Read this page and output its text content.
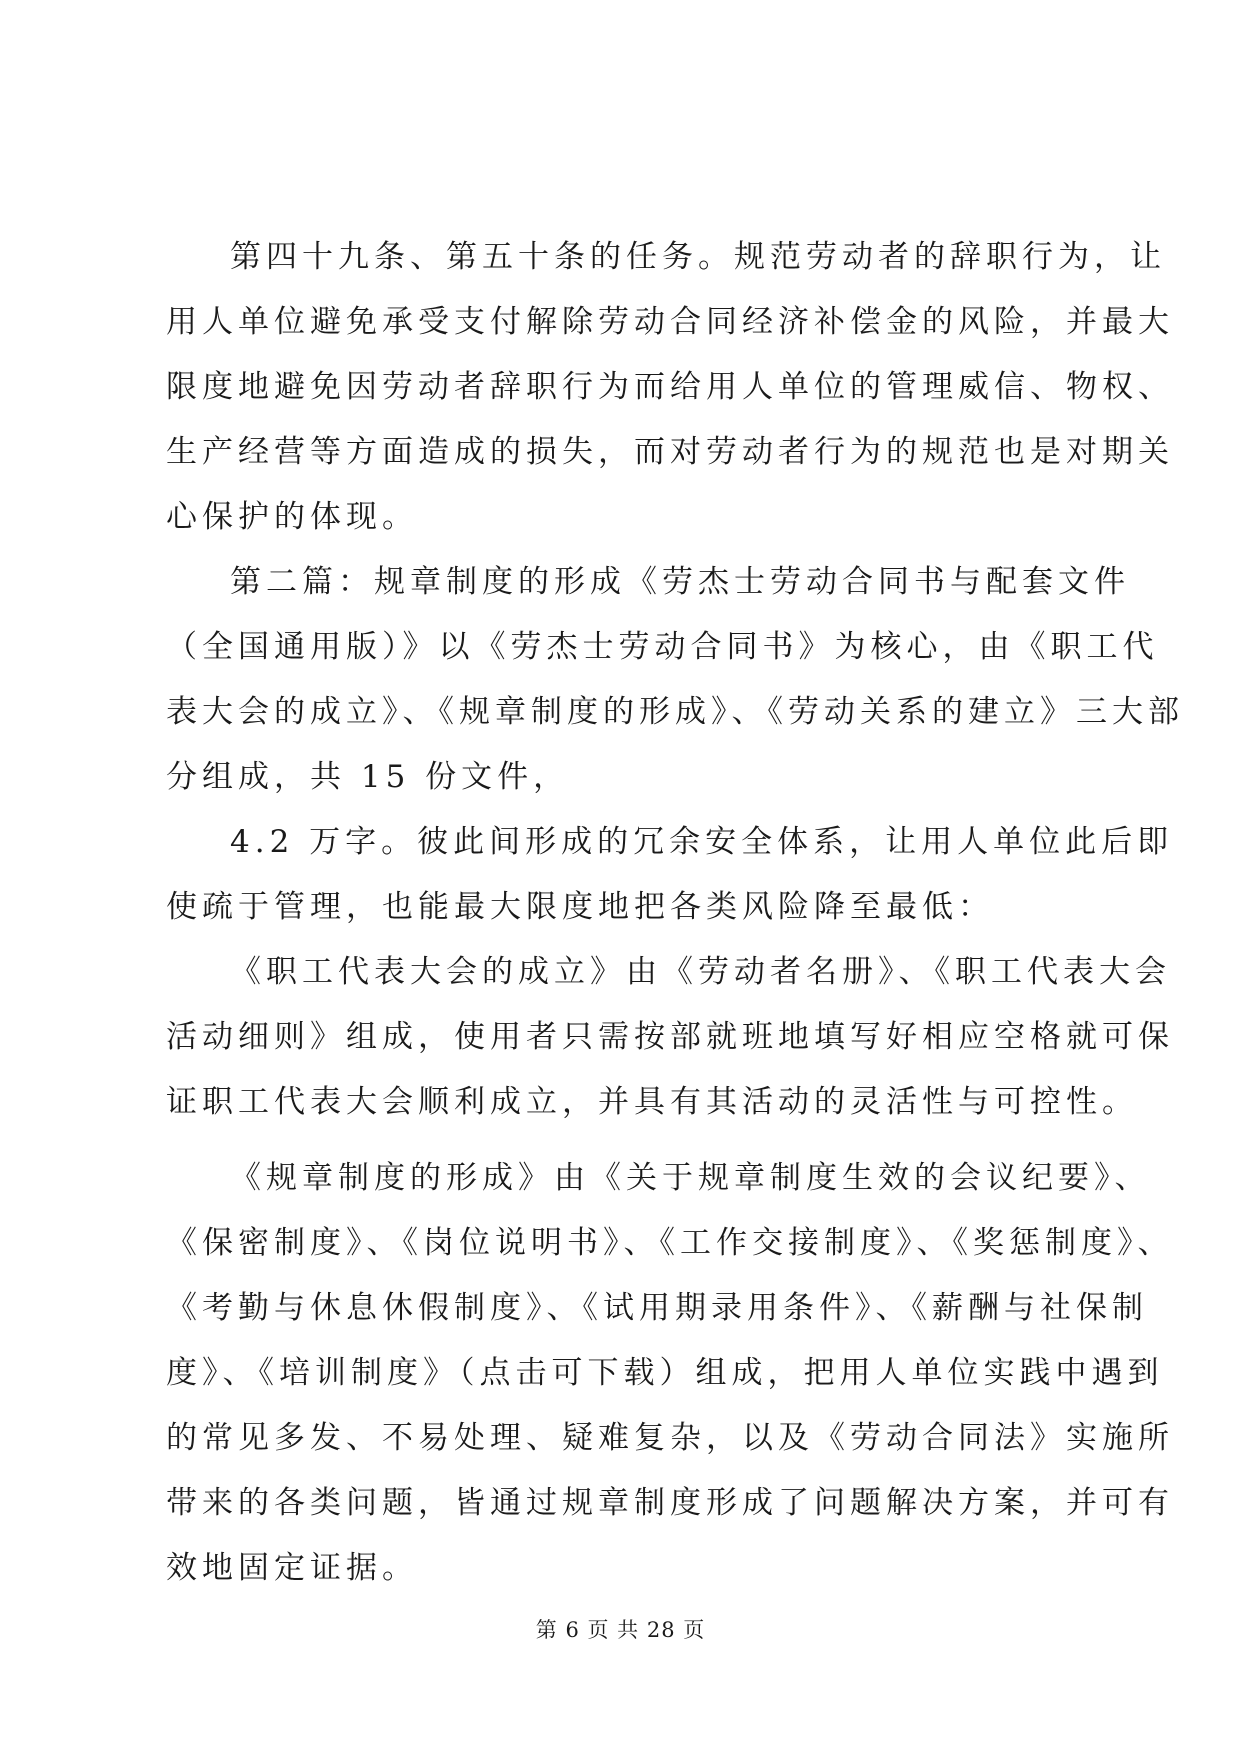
第四十九条、第五十条的任务。规范劳动者的辞职行为，让
用人单位避免承受支付解除劳动合同经济补偿金的风险，并最大
限度地避免因劳动者辞职行为而给用人单位的管理威信、物权、
生产经营等方面造成的损失，而对劳动者行为的规范也是对期关
心保护的体现。
第二篇：规章制度的形成《劳杰士劳动合同书与配套文件
（全国通用版）》以《劳杰士劳动合同书》为核心，由《职工代
表大会的成立》、《规章制度的形成》、《劳动关系的建立》三大部
分组成，共 15 份文件，
4.2 万字。彼此间形成的冗余安全体系，让用人单位此后即
使疏于管理，也能最大限度地把各类风险降至最低：
《职工代表大会的成立》由《劳动者名册》、《职工代表大会
活动细则》组成，使用者只需按部就班地填写好相应空格就可保
证职工代表大会顺利成立，并具有其活动的灵活性与可控性。
《规章制度的形成》由《关于规章制度生效的会议纪要》、
《保密制度》、《岗位说明书》、《工作交接制度》、《奖惩制度》、
《考勤与休息休假制度》、《试用期录用条件》、《薪酬与社保制
度》、《培训制度》（点击可下载）组成，把用人单位实践中遇到
的常见多发、不易处理、疑难复杂，以及《劳动合同法》实施所
带来的各类问题，皆通过规章制度形成了问题解决方案，并可有
效地固定证据。
第 6 页 共 28 页
